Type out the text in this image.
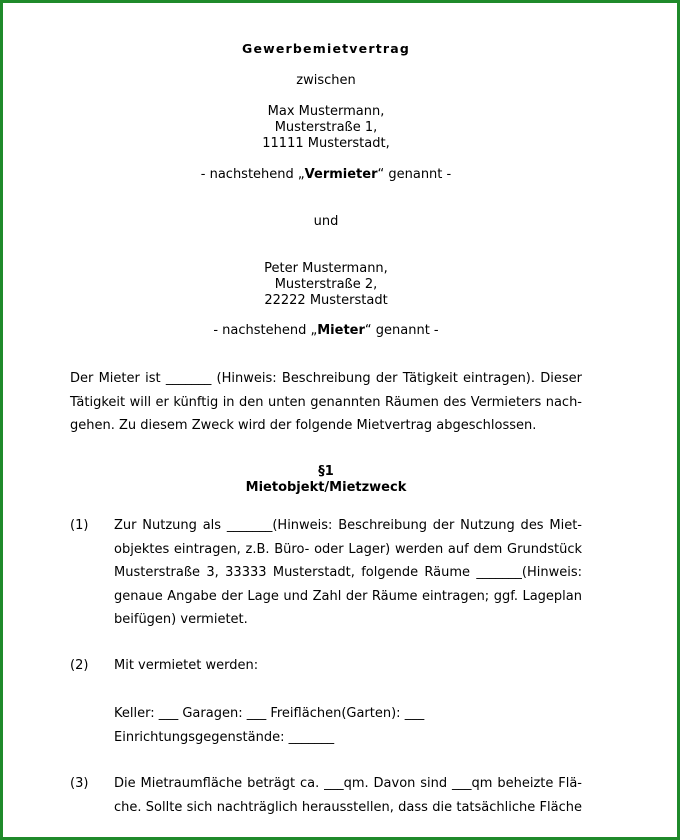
Gewerbemietvertrag
zwischen
Max Mustermann,
Musterstraße 1,
11111 Musterstadt,
- nachstehend „Vermieter“ genannt -
und
Peter Mustermann,
Musterstraße 2,
22222 Musterstadt
- nachstehend „Mieter“ genannt -
Der Mieter ist _______ (Hinweis: Beschreibung der Tätigkeit eintragen). Dieser
Tätigkeit will er künftig in den unten genannten Räumen des Vermieters nach-
gehen. Zu diesem Zweck wird der folgende Mietvertrag abgeschlossen.
§1
Mietobjekt/Mietzweck
(1) Zur Nutzung als _______(Hinweis: Beschreibung der Nutzung des Miet-
objektes eintragen, z.B. Büro- oder Lager) werden auf dem Grundstück
Musterstraße 3, 33333 Musterstadt, folgende Räume _______(Hinweis:
genaue Angabe der Lage und Zahl der Räume eintragen; ggf. Lageplan
beifügen) vermietet.
(2) Mit vermietet werden:
Keller: ___ Garagen: ___ Freiflächen(Garten): ___
Einrichtungsgegenstände: _______
(3) Die Mietraumfläche beträgt ca. ___qm. Davon sind ___qm beheizte Flä-
che. Sollte sich nachträglich herausstellen, dass die tatsächliche Fläche
